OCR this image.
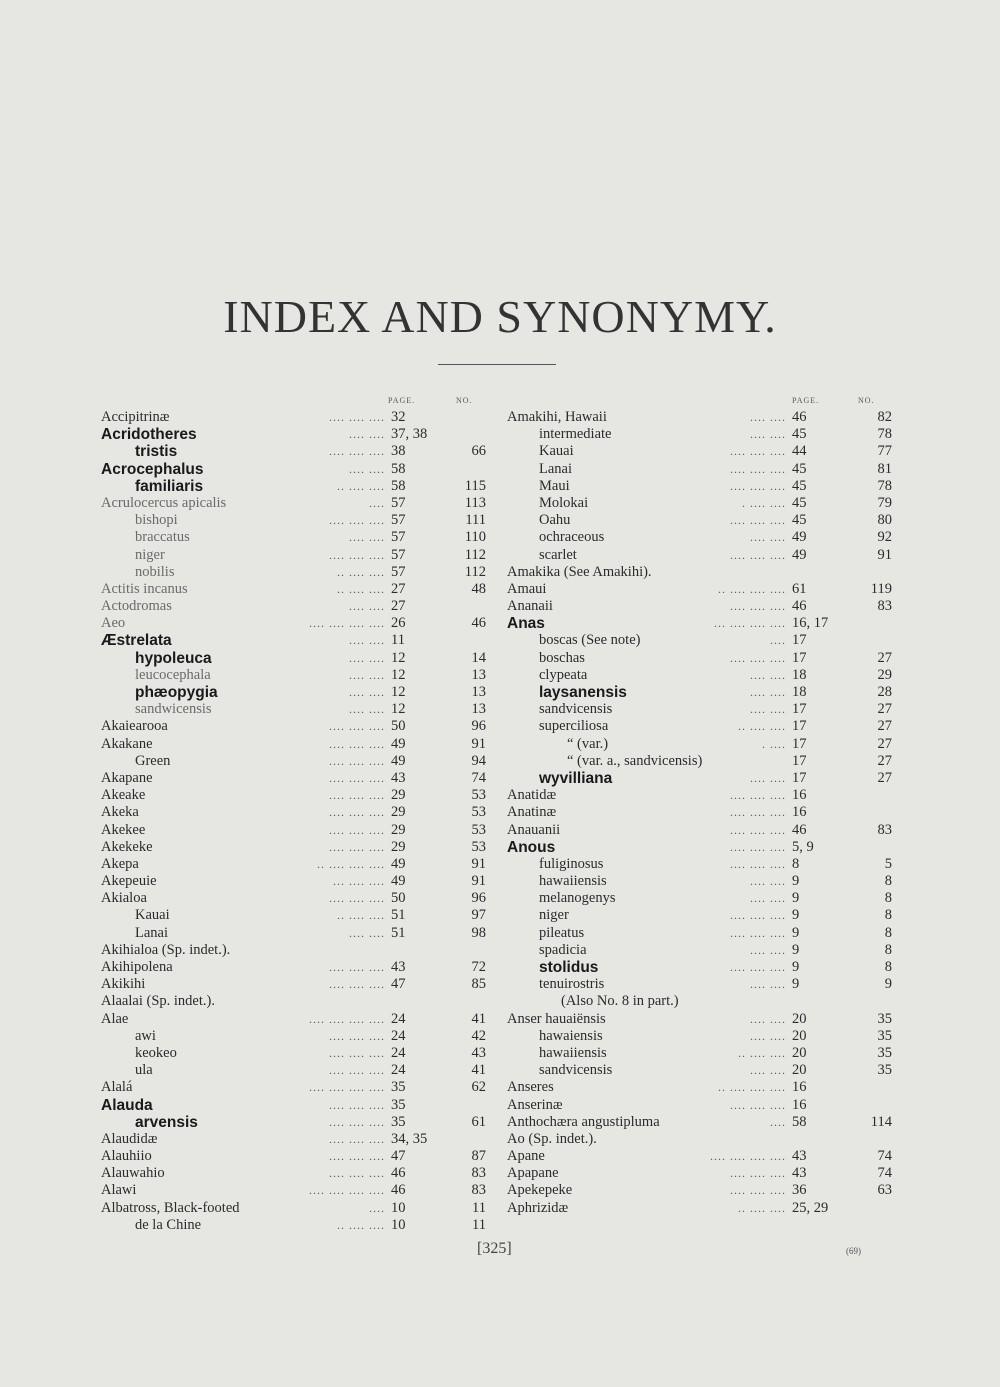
INDEX AND SYNONYMY.
PAGE.	NO.	PAGE.	NO.
Accipitrinæ	.... .... .... 32
Acridotheres	.... .... 37, 38
tristis	.... .... .... 38	66
Acrocephalus	.... .... 58
familiaris	.. .... .... 58	115
Acrulocercus apicalis	.... 57	113
bishopi	.... .... .... 57	111
braccatus	.... .... 57	110
niger	.... .... .... 57	112
nobilis	.. .... .... 57	112
Actitis incanus	.. .... .... 27	48
Actodromas	.... .... 27
Aeo	.... .... .... .... 26	46
Æstrelata	.... .... 11
hypoleuca	.... .... 12	14
leucocephala	.... .... 12	13
phæopygia	.... .... 12	13
sandwicensis	.... .... 12	13
Akaiearooa	.... .... .... 50	96
Akakane	.... .... .... 49	91
Green	.... .... .... 49	94
Akapane	.... .... .... 43	74
Akeake	.... .... .... 29	53
Akeka	.... .... .... 29	53
Akekee	.... .... .... 29	53
Akekeke	.... .... .... 29	53
Akepa	.. .... .... .... 49	91
Akepeuie	... .... .... 49	91
Akialoa	.... .... .... 50	96
Kauai	.. .... .... 51	97
Lanai	.... .... 51	98
Akihialoa (Sp. indet.).
Akihipolena	.... .... .... 43	72
Akikihi	.... .... .... 47	85
Alaalai (Sp. indet.).
Alae	.... .... .... .... 24	41
awi	.... .... .... 24	42
keokeo	.... .... .... 24	43
ula	.... .... .... 24	41
Alalá	.... .... .... .... 35	62
Alauda	.... .... .... 35
arvensis	.... .... .... 35	61
Alaudidæ	.... .... .... 34, 35
Alauhiio	.... .... .... 47	87
Alauwahio	.... .... .... 46	83
Alawi	.... .... .... .... 46	83
Albatross, Black-footed	.... 10	11
de la Chine	.. .... .... 10	11
Amakihi, Hawaii	.... .... 46	82
intermediate	.... .... 45	78
Kauai	.... .... .... 44	77
Lanai	.... .... .... 45	81
Maui	.... .... .... 45	78
Molokai	. .... .... 45	79
Oahu	.... .... .... 45	80
ochraceous	.... .... 49	92
scarlet	.... .... .... 49	91
Amakika (See Amakihi).
Amaui	.. .... .... .... 61	119
Ananaii	.... .... .... 46	83
Anas	... .... .... .... 16, 17
boscas (See note)	.... 17
boschas	.... .... .... 17	27
clypeata	.... .... 18	29
laysanensis	.... .... 18	28
sandvicensis	.... .... 17	27
superciliosa	.. .... .... 17	27
“ (var.)	. .... 17	27
“ (var. a., sandvicensis)	17	27
wyvilliana	.... .... 17	27
Anatidæ	.... .... .... 16
Anatinæ	.... .... .... 16
Anauanii	.... .... .... 46	83
Anous	.... .... .... 5, 9
fuliginosus	.... .... .... 8	5
hawaiiensis	.... .... 9	8
melanogenys	.... .... 9	8
niger	.... .... .... 9	8
pileatus	.... .... .... 9	8
spadicia	.... .... 9	8
stolidus	.... .... .... 9	8
tenuirostris	.... .... 9	9
(Also No. 8 in part.)
Anser hauaiënsis	.... .... 20	35
hawaiensis	.... .... 20	35
hawaiiensis	.. .... .... 20	35
sandvicensis	.... .... 20	35
Anseres	.. .... .... .... 16
Anserinæ	.... .... .... 16
Anthochæra angustipluma	.... 58	114
Ao (Sp. indet.).
Apane	.... .... .... .... 43	74
Apapane	.... .... .... 43	74
Apekepeke	.... .... .... 36	63
Aphrizidæ	.. .... .... 25, 29
[325]	(69)
